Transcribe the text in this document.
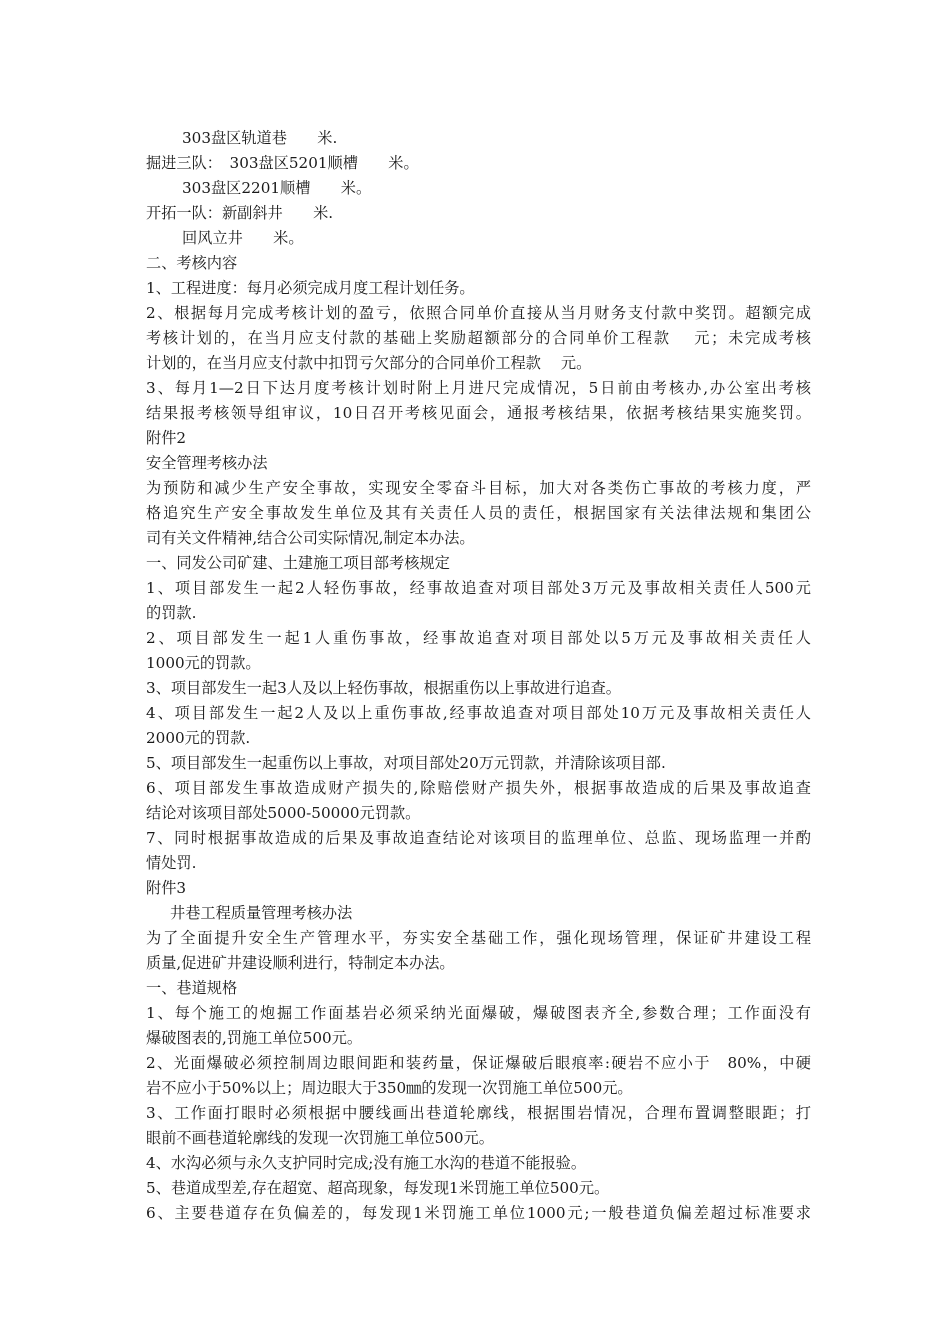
303盘区轨道巷　　米.
掘进三队：　303盘区5201顺槽　　米。
303盘区2201顺槽　　米。
开拓一队：新副斜井　　米.
回风立井　　米。
二、考核内容
1、工程进度：每月必须完成月度工程计划任务。
2、根据每月完成考核计划的盈亏，依照合同单价直接从当月财务支付款中奖罚。超额完成
考核计划的，在当月应支付款的基础上奖励超额部分的合同单价工程款　 元；未完成考核
计划的，在当月应支付款中扣罚亏欠部分的合同单价工程款　 元。
3、每月1—2日下达月度考核计划时附上月进尺完成情况，5日前由考核办,办公室出考核
结果报考核领导组审议，10日召开考核见面会，通报考核结果，依据考核结果实施奖罚。
附件2
安全管理考核办法
为预防和减少生产安全事故，实现安全零奋斗目标，加大对各类伤亡事故的考核力度，严
格追究生产安全事故发生单位及其有关责任人员的责任，根据国家有关法律法规和集团公
司有关文件精神,结合公司实际情况,制定本办法。
一、同发公司矿建、土建施工项目部考核规定
1、项目部发生一起2人轻伤事故，经事故追查对项目部处3万元及事故相关责任人500元
的罚款.
2、项目部发生一起1人重伤事故，经事故追查对项目部处以5万元及事故相关责任人
1000元的罚款。
3、项目部发生一起3人及以上轻伤事故，根据重伤以上事故进行追查。
4、项目部发生一起2人及以上重伤事故,经事故追查对项目部处10万元及事故相关责任人
2000元的罚款.
5、项目部发生一起重伤以上事故，对项目部处20万元罚款，并清除该项目部.
6、项目部发生事故造成财产损失的,除赔偿财产损失外，根据事故造成的后果及事故追查
结论对该项目部处5000-50000元罚款。
7、同时根据事故造成的后果及事故追查结论对该项目的监理单位、总监、现场监理一并酌
情处罚.
附件3
井巷工程质量管理考核办法
为了全面提升安全生产管理水平，夯实安全基础工作，强化现场管理，保证矿井建设工程
质量,促进矿井建设顺利进行，特制定本办法。
一、巷道规格
1、每个施工的炮掘工作面基岩必须采纳光面爆破，爆破图表齐全,参数合理；工作面没有
爆破图表的,罚施工单位500元。
2、光面爆破必须控制周边眼间距和装药量，保证爆破后眼痕率:硬岩不应小于　80%，中硬
岩不应小于50%以上；周边眼大于350㎜的发现一次罚施工单位500元。
3、工作面打眼时必须根据中腰线画出巷道轮廓线，根据围岩情况，合理布置调整眼距；打
眼前不画巷道轮廓线的发现一次罚施工单位500元。
4、水沟必须与永久支护同时完成;没有施工水沟的巷道不能报验。
5、巷道成型差,存在超宽、超高现象，每发现1米罚施工单位500元。
6、主要巷道存在负偏差的，每发现1米罚施工单位1000元;一般巷道负偏差超过标准要求
